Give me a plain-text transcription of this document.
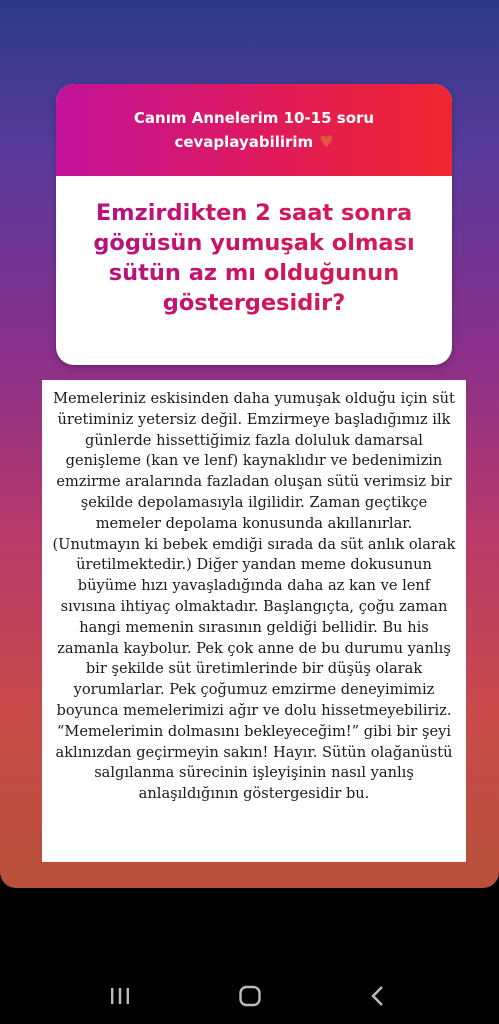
Canım Annelerim 10-15 soru
cevaplayabilirim ♥
Emzirdikten 2 saat sonra gögüsün yumuşak olması sütün az mı olduğunun göstergesidir?

Memeleriniz eskisinden daha yumuşak olduğu için süt üretiminiz yetersiz değil. Emzirmeye başladığımız ilk günlerde hissettiğimiz fazla doluluk damarsal genişleme (kan ve lenf) kaynaklıdır ve bedenimizin emzirme aralarında fazladan oluşan sütü verimsiz bir şekilde depolamasıyla ilgilidir. Zaman geçtikçe memeler depolama konusunda akıllanırlar. (Unutmayın ki bebek emdiği sırada da süt anlık olarak üretilmektedir.) Diğer yandan meme dokusunun büyüme hızı yavaşladığında daha az kan ve lenf sıvısına ihtiyaç olmaktadır. Başlangıçta, çoğu zaman hangi memenin sırasının geldiği bellidir. Bu his zamanla kaybolur. Pek çok anne de bu durumu yanlış bir şekilde süt üretimlerinde bir düşüş olarak yorumlarlar. Pek çoğumuz emzirme deneyimimiz boyunca memelerimizi ağır ve dolu hissetmeyebiliriz. “Memelerimin dolmasını bekleyeceğim!” gibi bir şeyi aklınızdan geçirmeyin sakın! Hayır. Sütün olağanüstü salgılanma sürecinin işleyişinin nasıl yanlış anlaşıldığının göstergesidir bu.
